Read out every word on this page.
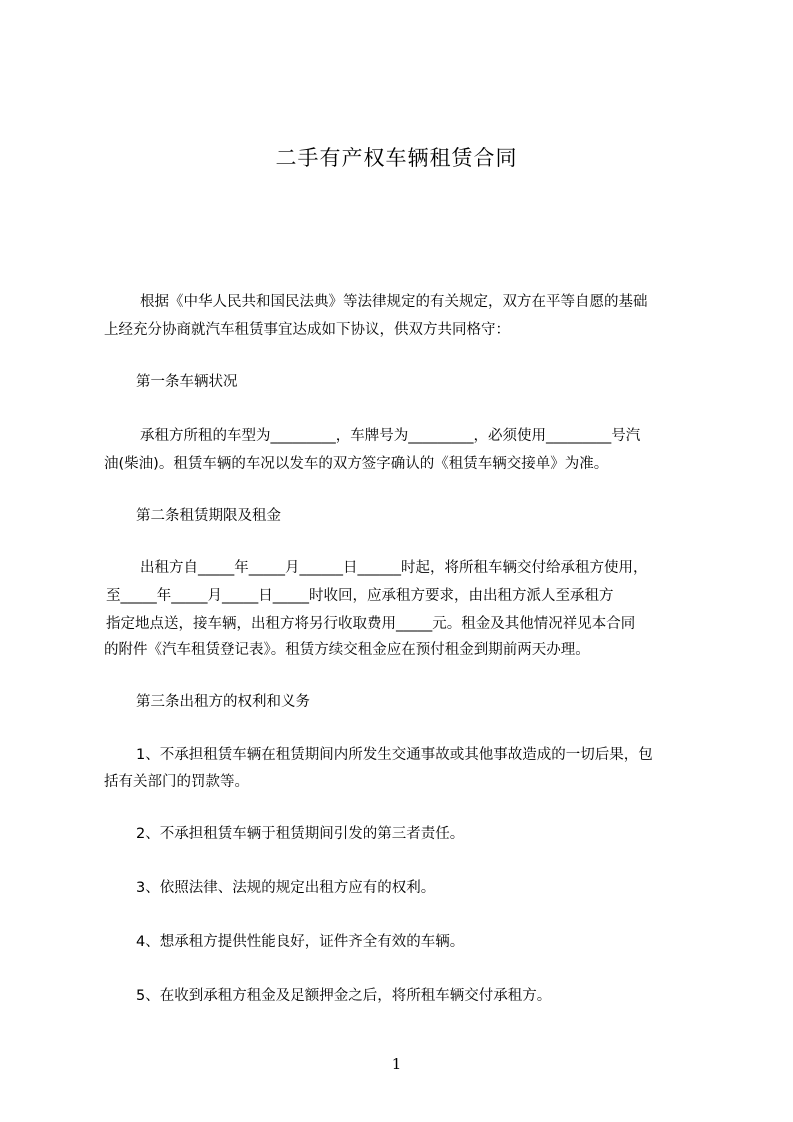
二手有产权车辆租赁合同
根据《中华人民共和国民法典》等法律规定的有关规定，双方在平等自愿的基础
上经充分协商就汽车租赁事宜达成如下协议，供双方共同格守：
第一条车辆状况
承租方所租的车型为_________，车牌号为_________，必须使用_________号汽
油(柴油)。租赁车辆的车况以发车的双方签字确认的《租赁车辆交接单》为准。
第二条租赁期限及租金
出租方自_____年_____月______日______时起，将所租车辆交付给承租方使用，
至_____年_____月_____日_____时收回，应承租方要求，由出租方派人至承租方
指定地点送，接车辆，出租方将另行收取费用_____元。租金及其他情况祥见本合同
的附件《汽车租赁登记表》。租赁方续交租金应在预付租金到期前两天办理。
第三条出租方的权利和义务
1、不承担租赁车辆在租赁期间内所发生交通事故或其他事故造成的一切后果，包
括有关部门的罚款等。
2、不承担租赁车辆于租赁期间引发的第三者责任。
3、依照法律、法规的规定出租方应有的权利。
4、想承租方提供性能良好，证件齐全有效的车辆。
5、在收到承租方租金及足额押金之后，将所租车辆交付承租方。
1
